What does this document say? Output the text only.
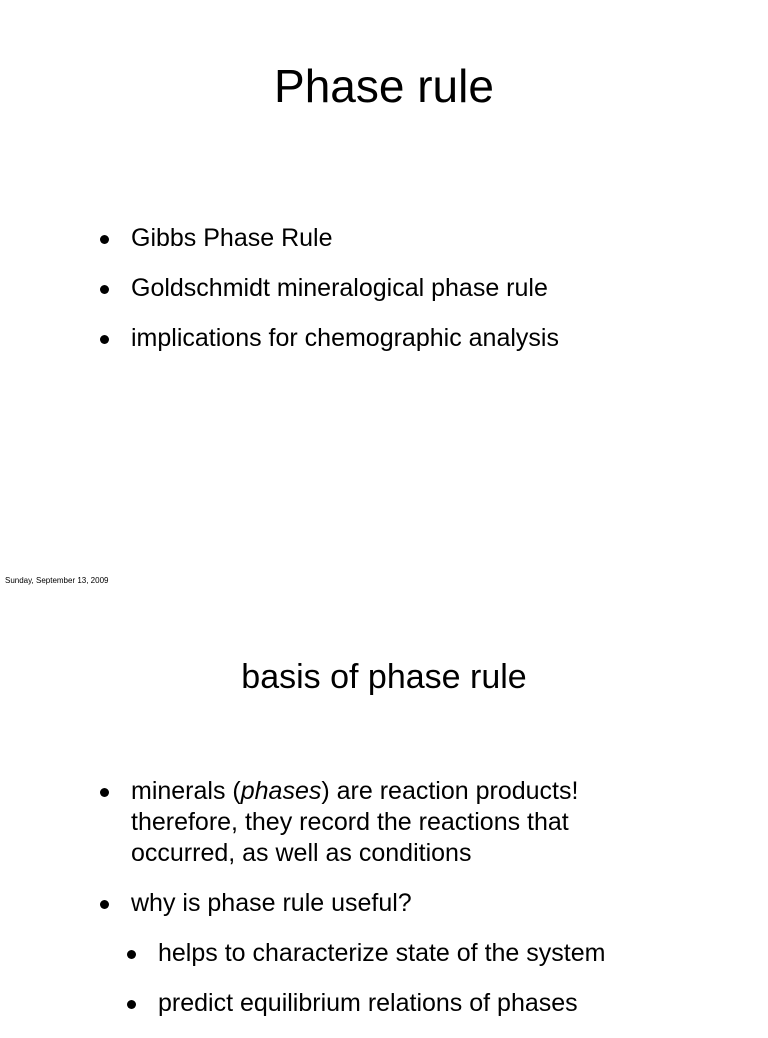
Phase rule
Gibbs Phase Rule
Goldschmidt mineralogical phase rule
implications for chemographic analysis
Sunday, September 13, 2009
basis of phase rule
minerals (phases) are reaction products!
therefore, they record the reactions that
occurred, as well as conditions
why is phase rule useful?
helps to characterize state of the system
predict equilibrium relations of phases
